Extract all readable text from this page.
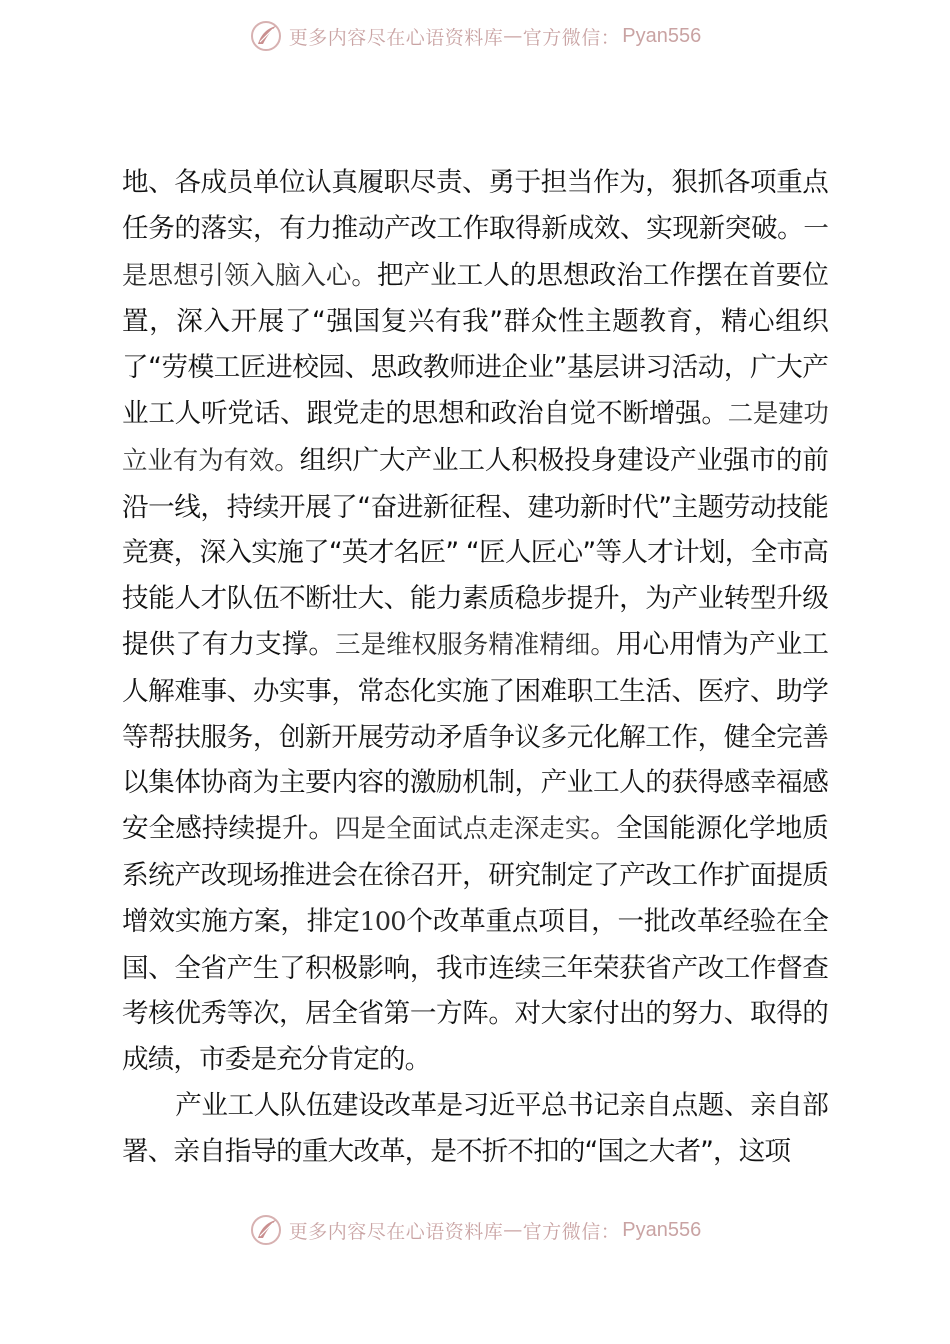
更多内容尽在心语资料库 — 官方微信： Pyan556

地、各成员单位认真履职尽责、勇于担当作为，狠抓各项重点任务的落实，有力推动产改工作取得新成效、实现新突破。一是思想引领入脑入心。把产业工人的思想政治工作摆在首要位置，深入开展了“强国复兴有我”群众性主题教育，精心组织了“劳模工匠进校园、思政教师进企业”基层讲习活动，广大产业工人听党话、跟党走的思想和政治自觉不断增强。二是建功立业有为有效。组织广大产业工人积极投身建设产业强市的前沿一线，持续开展了“奋进新征程、建功新时代”主题劳动技能竞赛，深入实施了“英才名匠” “匠人匠心”等人才计划，全市高技能人才队伍不断壮大、能力素质稳步提升，为产业转型升级提供了有力支撑。三是维权服务精准精细。用心用情为产业工人解难事、办实事，常态化实施了困难职工生活、医疗、助学等帮扶服务，创新开展劳动矛盾争议多元化解工作，健全完善以集体协商为主要内容的激励机制，产业工人的获得感幸福感安全感持续提升。四是全面试点走深走实。全国能源化学地质系统产改现场推进会在徐召开，研究制定了产改工作扩面提质增效实施方案，排定100个改革重点项目，一批改革经验在全国、全省产生了积极影响，我市连续三年荣获省产改工作督查考核优秀等次，居全省第一方阵。对大家付出的努力、取得的成绩，市委是充分肯定的。

产业工人队伍建设改革是习近平总书记亲自点题、亲自部署、亲自指导的重大改革，是不折不扣的“国之大者”，这项

更多内容尽在心语资料库 — 官方微信： Pyan556
